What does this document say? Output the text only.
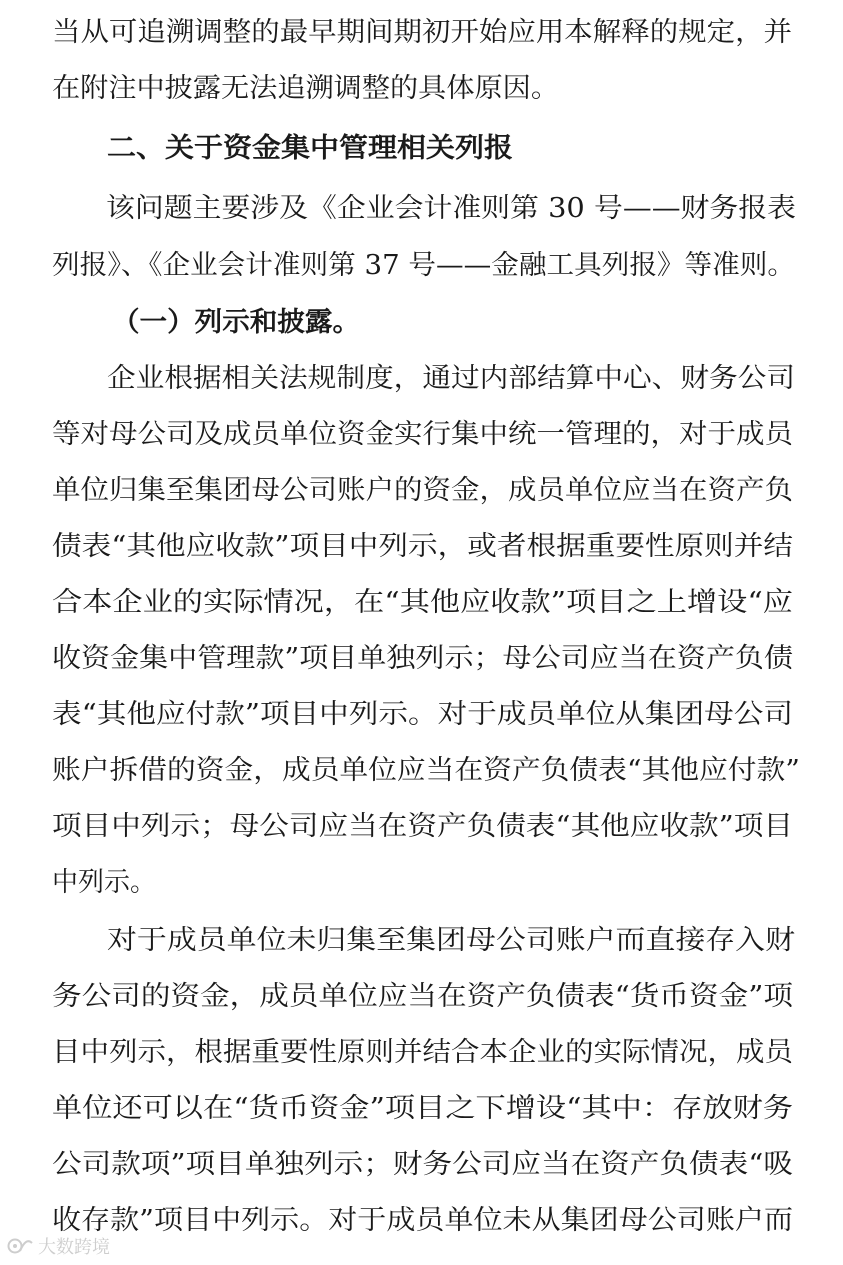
当从可追溯调整的最早期间期初开始应用本解释的规定，并
在附注中披露无法追溯调整的具体原因。
二、关于资金集中管理相关列报
该问题主要涉及《企业会计准则第 30 号——财务报表
列报》、《企业会计准则第 37 号——金融工具列报》等准则。
（一）列示和披露。
企业根据相关法规制度，通过内部结算中心、财务公司
等对母公司及成员单位资金实行集中统一管理的，对于成员
单位归集至集团母公司账户的资金，成员单位应当在资产负
债表“其他应收款”项目中列示，或者根据重要性原则并结
合本企业的实际情况，在“其他应收款”项目之上增设“应
收资金集中管理款”项目单独列示；母公司应当在资产负债
表“其他应付款”项目中列示。对于成员单位从集团母公司
账户拆借的资金，成员单位应当在资产负债表“其他应付款”
项目中列示；母公司应当在资产负债表“其他应收款”项目
中列示。
对于成员单位未归集至集团母公司账户而直接存入财
务公司的资金，成员单位应当在资产负债表“货币资金”项
目中列示，根据重要性原则并结合本企业的实际情况，成员
单位还可以在“货币资金”项目之下增设“其中：存放财务
公司款项”项目单独列示；财务公司应当在资产负债表“吸
收存款”项目中列示。对于成员单位未从集团母公司账户而
大数跨境
